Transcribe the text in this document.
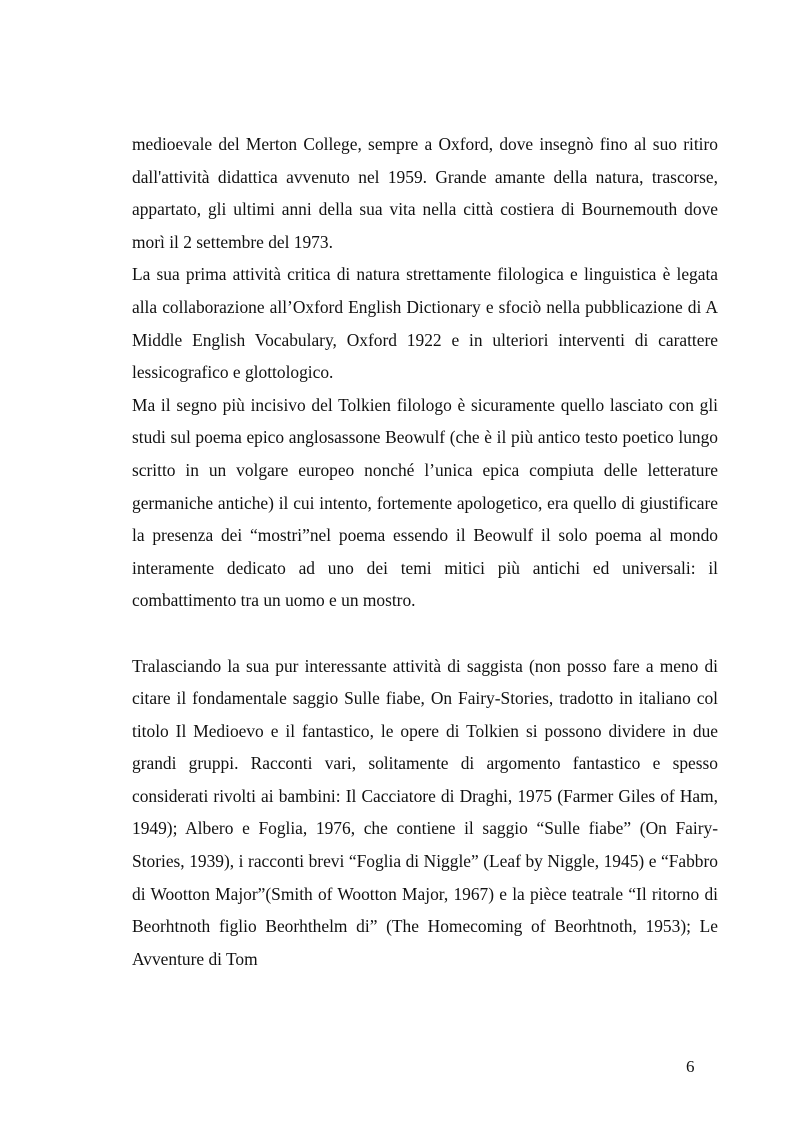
medioevale del Merton College, sempre a Oxford, dove insegnò fino al suo ritiro dall'attività didattica avvenuto nel 1959. Grande amante della natura, trascorse, appartato, gli ultimi anni della sua vita nella città costiera di Bournemouth dove morì il 2 settembre del 1973.

La sua prima attività critica di natura strettamente filologica e linguistica è legata alla collaborazione all’Oxford English Dictionary e sfociò nella pubblicazione di A Middle English Vocabulary, Oxford 1922 e in ulteriori interventi di carattere lessicografico e glottologico.

Ma il segno più incisivo del Tolkien filologo è sicuramente quello lasciato con gli studi sul poema epico anglosassone Beowulf (che è il più antico testo poetico lungo scritto in un volgare europeo nonché l’unica epica compiuta delle letterature germaniche antiche) il cui intento, fortemente apologetico, era quello di giustificare la presenza dei “mostri”nel poema essendo il Beowulf il solo poema al mondo interamente dedicato ad uno dei temi mitici più antichi ed universali: il combattimento tra un uomo e un mostro.

Tralasciando la sua pur interessante attività di saggista (non posso fare a meno di citare il fondamentale saggio Sulle fiabe, On Fairy-Stories, tradotto in italiano col titolo Il Medioevo e il fantastico, le opere di Tolkien si possono dividere in due grandi gruppi. Racconti vari, solitamente di argomento fantastico e spesso considerati rivolti ai bambini: Il Cacciatore di Draghi, 1975 (Farmer Giles of Ham, 1949); Albero e Foglia, 1976, che contiene il saggio “Sulle fiabe” (On Fairy-Stories, 1939), i racconti brevi “Foglia di Niggle” (Leaf by Niggle, 1945) e “Fabbro di Wootton Major”(Smith of Wootton Major, 1967) e la pièce teatrale “Il ritorno di Beorhtnoth figlio Beorhthelm di” (The Homecoming of Beorhtnoth, 1953); Le Avventure di Tom

6
